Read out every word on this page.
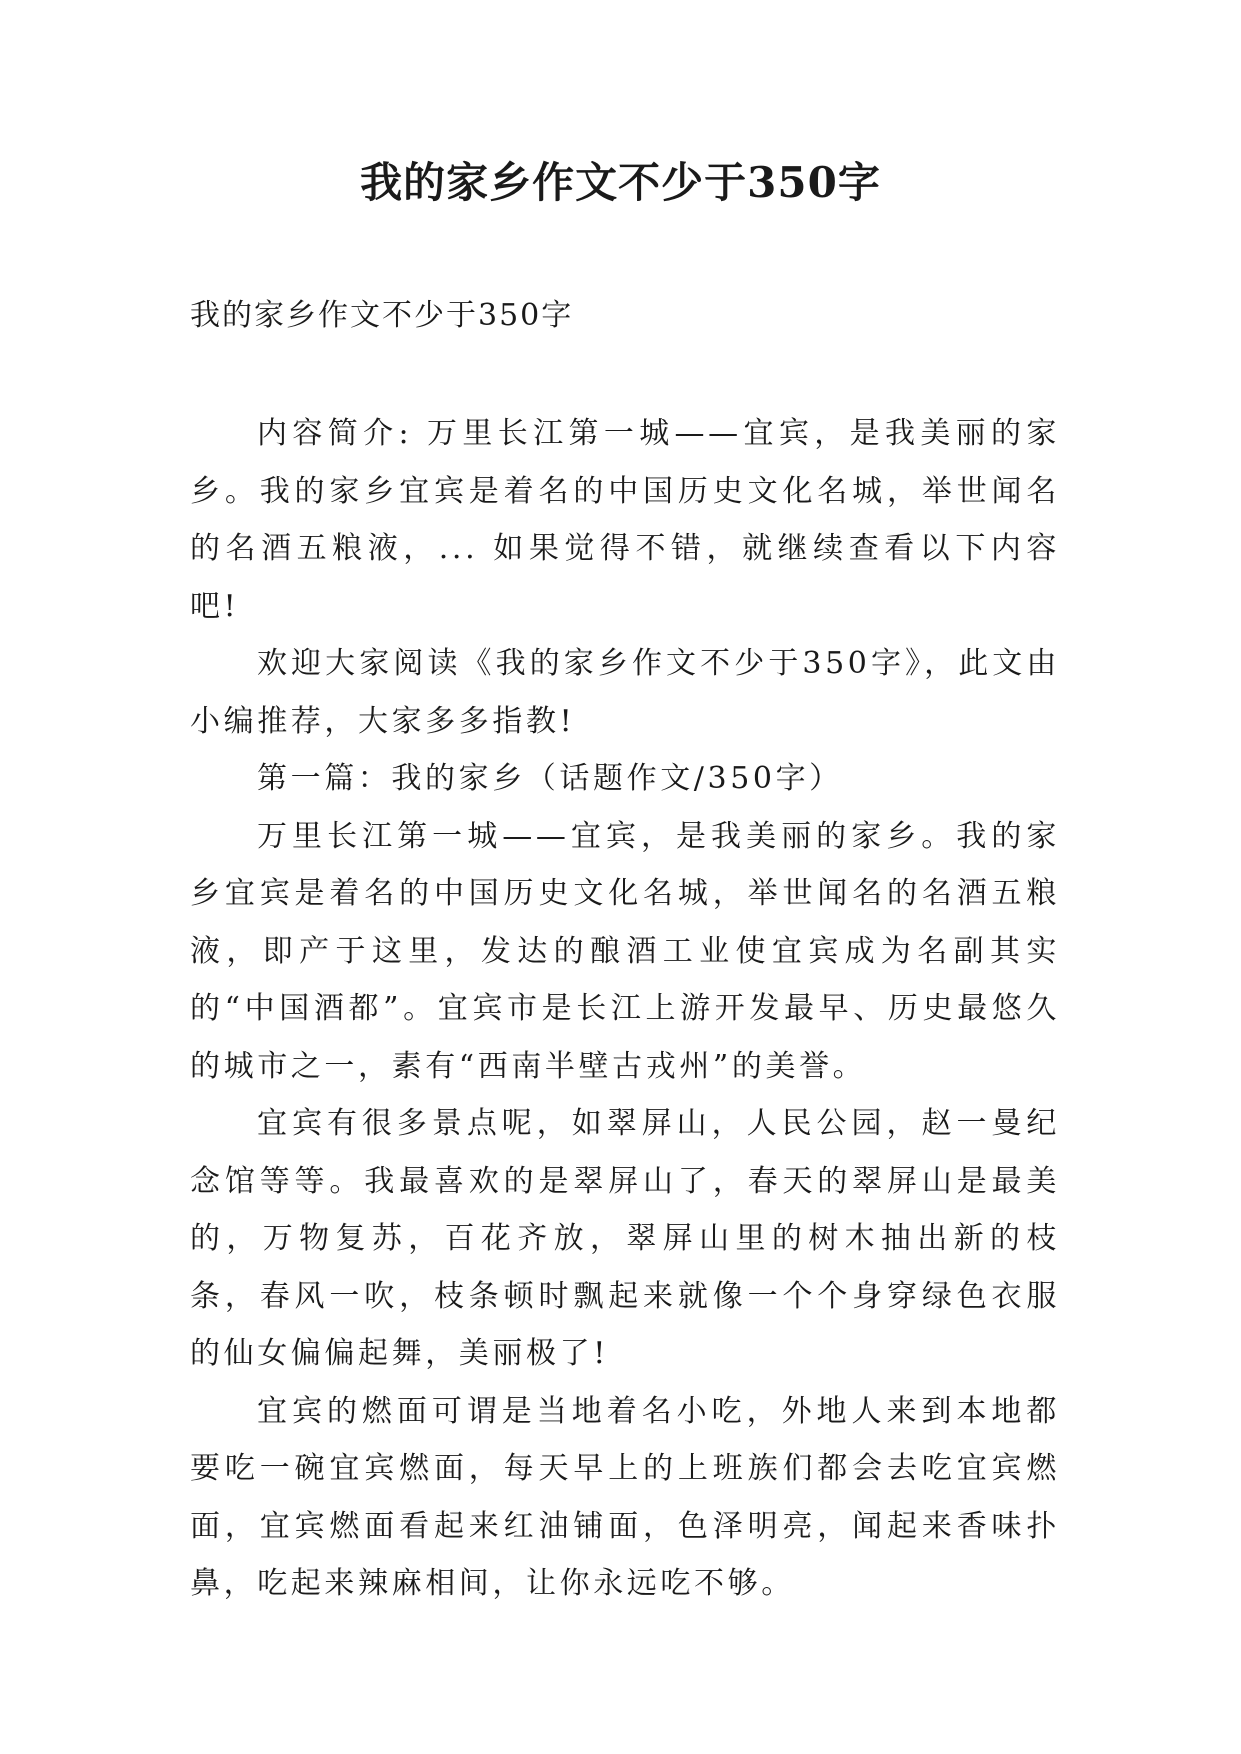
我的家乡作文不少于350字

我的家乡作文不少于350字

内容简介: 万里长江第一城——宜宾，是我美丽的家乡。我的家乡宜宾是着名的中国历史文化名城，举世闻名的名酒五粮液，... 如果觉得不错，就继续查看以下内容吧!

欢迎大家阅读《我的家乡作文不少于350字》，此文由小编推荐，大家多多指教!

第一篇：我的家乡（话题作文/350字）

万里长江第一城——宜宾，是我美丽的家乡。我的家乡宜宾是着名的中国历史文化名城，举世闻名的名酒五粮液，即产于这里，发达的酿酒工业使宜宾成为名副其实的“中国酒都”。宜宾市是长江上游开发最早、历史最悠久的城市之一，素有“西南半壁古戎州”的美誉。

宜宾有很多景点呢，如翠屏山，人民公园，赵一曼纪念馆等等。我最喜欢的是翠屏山了，春天的翠屏山是最美的，万物复苏，百花齐放，翠屏山里的树木抽出新的枝条，春风一吹，枝条顿时飘起来就像一个个身穿绿色衣服的仙女偏偏起舞，美丽极了!

宜宾的燃面可谓是当地着名小吃，外地人来到本地都要吃一碗宜宾燃面，每天早上的上班族们都会去吃宜宾燃面，宜宾燃面看起来红油铺面，色泽明亮，闻起来香味扑鼻，吃起来辣麻相间，让你永远吃不够。
